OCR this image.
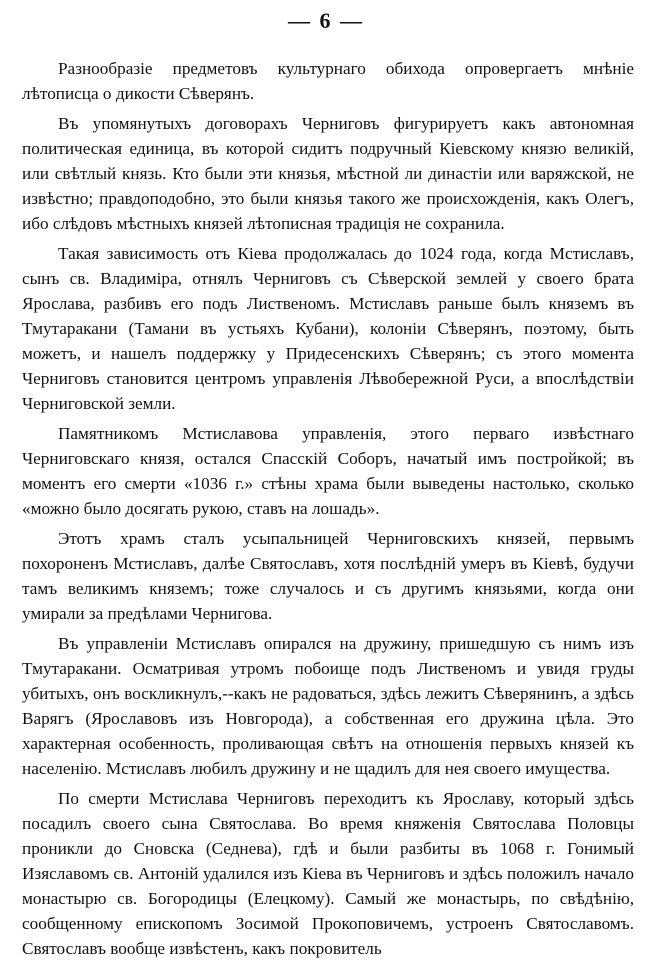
— 6 —

Разнообразіе предметовъ культурнаго обихода опровергаетъ мнѣніе лѣтописца о дикости Сѣверянъ.

Въ упомянутыхъ договорахъ Черниговъ фигурируетъ какъ автономная политическая единица, въ которой сидитъ подручный Кіевскому князю великій, или свѣтлый князь. Кто были эти князья, мѣстной ли династіи или варяжской, не извѣстно; правдоподобно, это были князья такого же происхожденія, какъ Олегъ, ибо слѣдовъ мѣстныхъ князей лѣтописная традиція не сохранила.

Такая зависимость отъ Кіева продолжалась до 1024 года, когда Мстиславъ, сынъ св. Владиміра, отнялъ Черниговъ съ Сѣверской землей у своего брата Ярослава, разбивъ его подъ Лиственомъ. Мстиславъ раньше былъ княземъ въ Тмутаракани (Тамани въ устьяхъ Кубани), колоніи Сѣверянъ, поэтому, быть можетъ, и нашелъ поддержку у Придесенскихъ Сѣверянъ; съ этого момента Черниговъ становится центромъ управленія Лѣвобережной Руси, а впослѣдствіи Черниговской земли.

Памятникомъ Мстиславова управленія, этого перваго извѣстнаго Черниговскаго князя, остался Спасскій Соборъ, начатый имъ постройкой; въ моментъ его смерти «1036 г.» стѣны храма были выведены настолько, сколько «можно было досягать рукою, ставъ на лошадь».

Этотъ храмъ сталъ усыпальницей Черниговскихъ князей, первымъ похороненъ Мстиславъ, далѣе Святославъ, хотя послѣдній умеръ въ Кіевѣ, будучи тамъ великимъ княземъ; тоже случалось и съ другимъ князьями, когда они умирали за предѣлами Чернигова.

Въ управленіи Мстиславъ опирался на дружину, пришедшую съ нимъ изъ Тмутаракани. Осматривая утромъ побоище подъ Лиственомъ и увидя груды убитыхъ, онъ воскликнулъ,--какъ не радоваться, здѣсь лежитъ Сѣверянинъ, а здѣсь Варягъ (Ярославовъ изъ Новгорода), а собственная его дружина цѣла. Это характерная особенность, проливающая свѣтъ на отношенія первыхъ князей къ населенію. Мстиславъ любилъ дружину и не щадилъ для нея своего имущества.

По смерти Мстислава Черниговъ переходитъ къ Ярославу, который здѣсь посадилъ своего сына Святослава. Во время княженія Святослава Половцы проникли до Сновска (Седнева), гдѣ и были разбиты въ 1068 г. Гонимый Изяславомъ св. Антоній удалился изъ Кіева въ Черниговъ и здѣсь положилъ начало монастырю св. Богородицы (Елецкому). Самый же монастырь, по свѣдѣнію, сообщенному епископомъ Зосимой Прокоповичемъ, устроенъ Святославомъ. Святославъ вообще извѣстенъ, какъ покровитель
